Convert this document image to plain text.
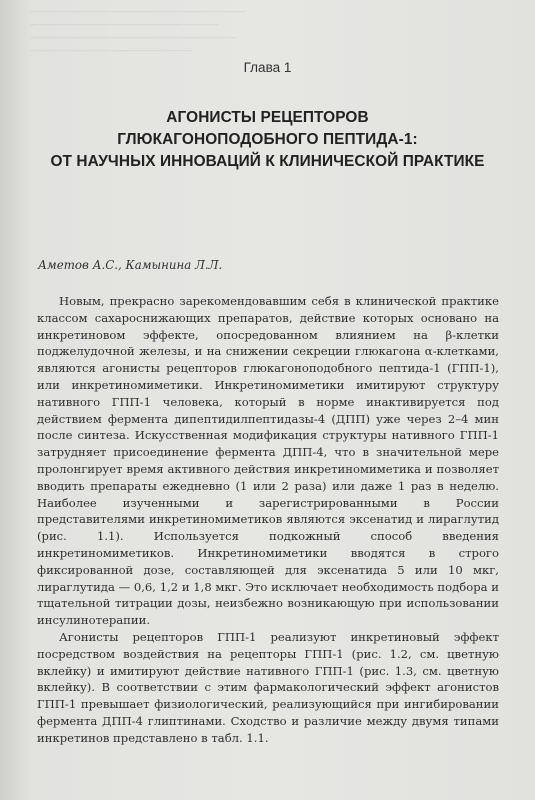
————————————————————————
—————————————————————
———————————————————————
——————————————————
Глава 1
АГОНИСТЫ РЕЦЕПТОРОВ
ГЛЮКАГОНОПОДОБНОГО ПЕПТИДА-1:
ОТ НАУЧНЫХ ИННОВАЦИЙ К КЛИНИЧЕСКОЙ ПРАКТИКЕ
Аметов А.С., Камынина Л.Л.

Новым, прекрасно зарекомендовавшим себя в клинической практике классом сахароснижающих препаратов, действие которых основано на инкретиновом эффекте, опосредованном влиянием на β-клетки поджелудочной железы, и на снижении секреции глюкагона α-клетками, являются агонисты рецепторов глюкагоноподобного пептида-1 (ГПП-1), или инкретиномиметики. Инкретиномиметики имитируют структуру нативного ГПП-1 человека, который в норме инактивируется под действием фермента дипептидилпептидазы-4 (ДПП) уже через 2–4 мин после синтеза. Искусственная модификация структуры нативного ГПП-1 затрудняет присоединение фермента ДПП-4, что в значительной мере пролонгирует время активного действия инкретиномиметика и позволяет вводить препараты ежедневно (1 или 2 раза) или даже 1 раз в неделю. Наиболее изученными и зарегистрированными в России представителями инкретиномиметиков являются эксенатид и лираглутид (рис. 1.1). Используется подкожный способ введения инкретиномиметиков. Инкретиномиметики вводятся в строго фиксированной дозе, составляющей для эксенатида 5 или 10 мкг, лираглутида — 0,6, 1,2 и 1,8 мкг. Это исключает необходимость подбора и тщательной титрации дозы, неизбежно возникающую при использовании инсулинотерапии.

Агонисты рецепторов ГПП-1 реализуют инкретиновый эффект посредством воздействия на рецепторы ГПП-1 (рис. 1.2, см. цветную вклейку) и имитируют действие нативного ГПП-1 (рис. 1.3, см. цветную вклейку). В соответствии с этим фармакологический эффект агонистов ГПП-1 превышает физиологический, реализующийся при ингибировании фермента ДПП-4 глиптинами. Сходство и различие между двумя типами инкретинов представлено в табл. 1.1.
